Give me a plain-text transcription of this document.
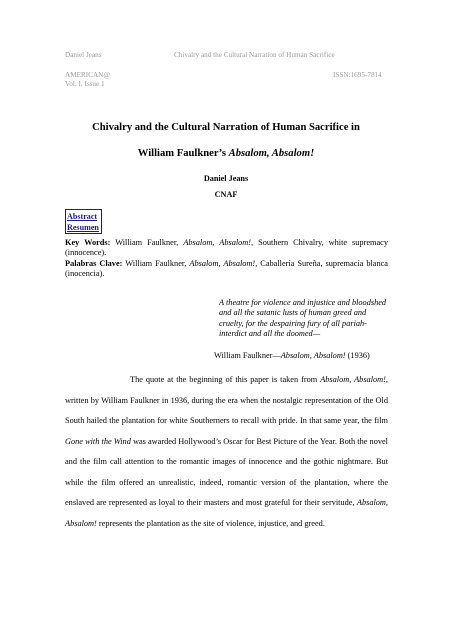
Daniel Jeans	Chivalry and the Cultural Narration of Human Sacrifice
AMERICAN@	ISSN:1695-7814
Vol. I, Issue 1
Chivalry and the Cultural Narration of Human Sacrifice in
William Faulkner’s Absalom, Absalom!
Daniel Jeans
CNAF
Abstract
Resumen
Key Words: William Faulkner, Absalom, Absalom!, Southern Chivalry, white supremacy (innocence).
Palabras Clave: William Faulkner, Absalom, Absalom!, Caballería Sureña, supremacía blanca (inocencia).
A theatre for violence and injustice and bloodshed and all the satanic lusts of human greed and cruelty, for the despairing fury of all pariah-interdict and all the doomed—
William Faulkner—Absalom, Absalom! (1936)

The quote at the beginning of this paper is taken from Absalom, Absalom!, written by William Faulkner in 1936, during the era when the nostalgic representation of the Old South hailed the plantation for white Southerners to recall with pride. In that same year, the film Gone with the Wind was awarded Hollywood’s Oscar for Best Picture of the Year. Both the novel and the film call attention to the romantic images of innocence and the gothic nightmare. But while the film offered an unrealistic, indeed, romantic version of the plantation, where the enslaved are represented as loyal to their masters and most grateful for their servitude, Absalom, Absalom! represents the plantation as the site of violence, injustice, and greed.
